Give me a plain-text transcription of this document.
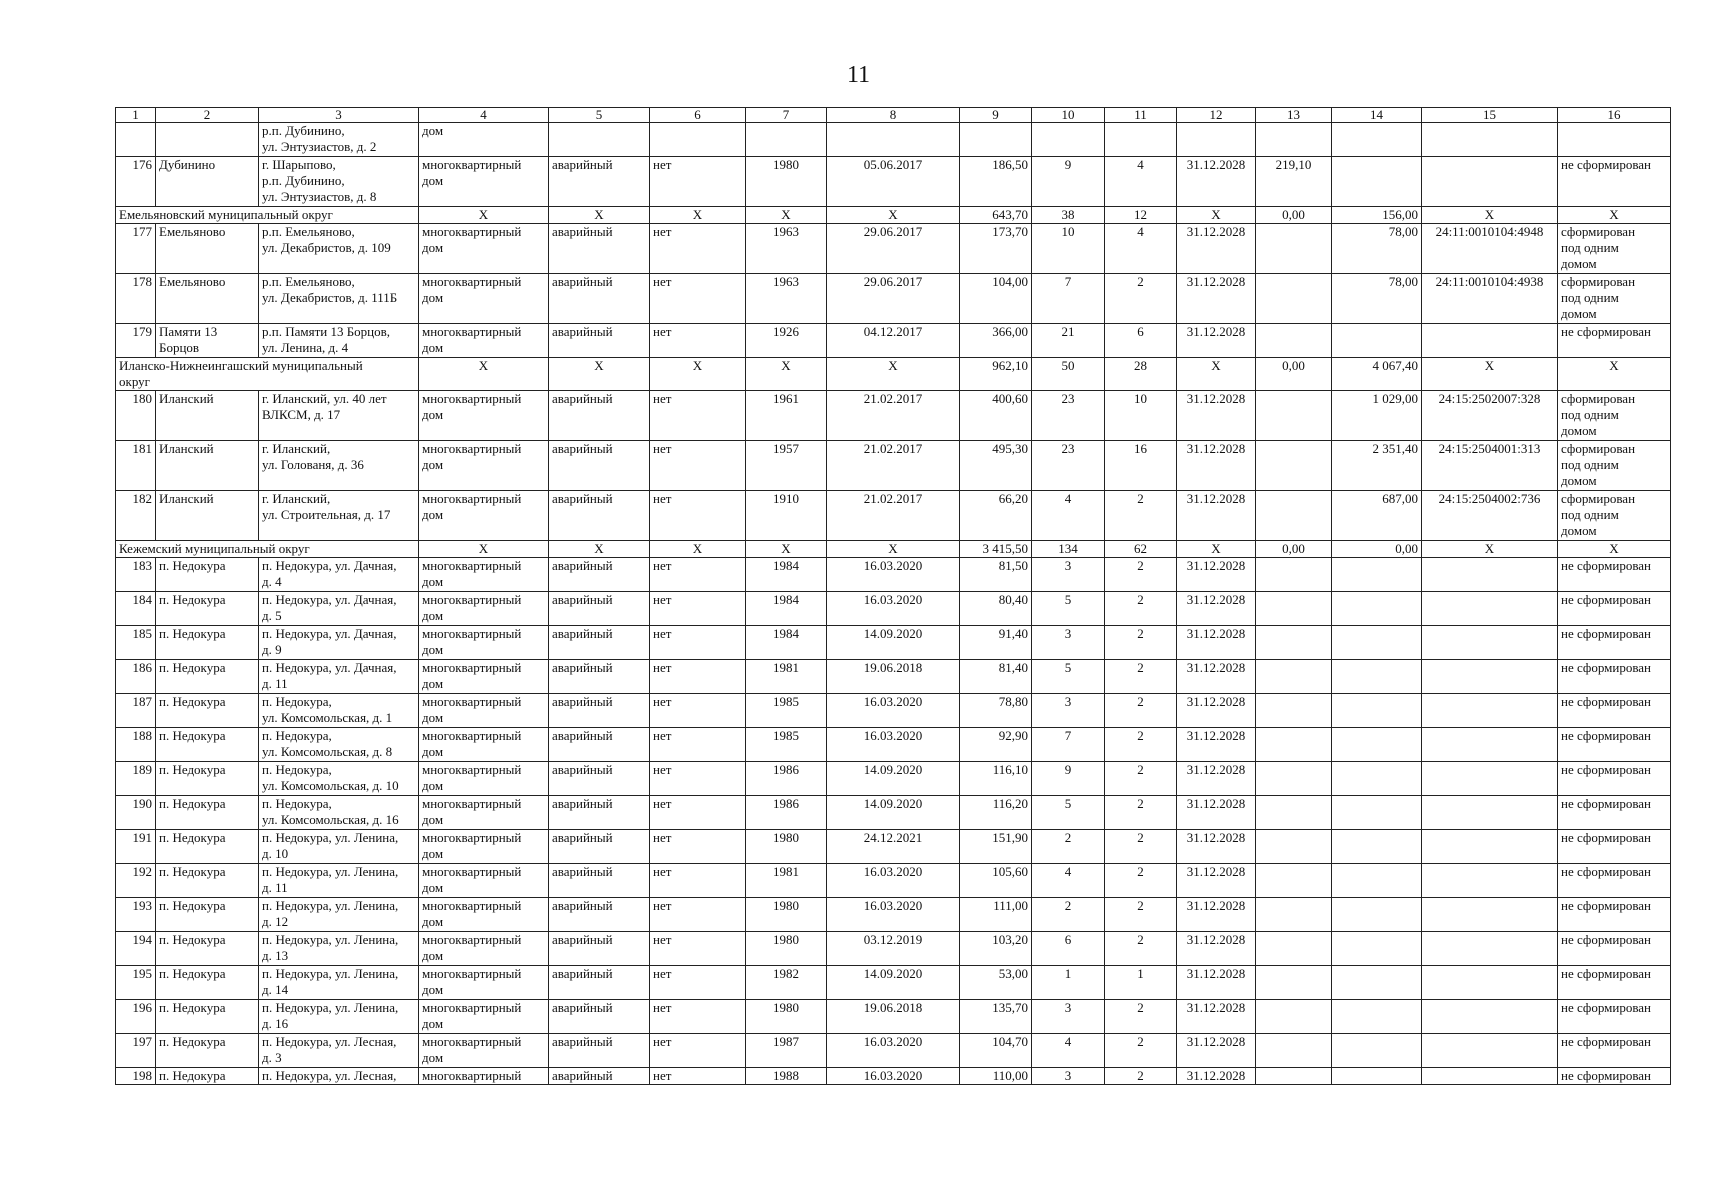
11
1	2	3	4	5	6	7	8	9	10	11	12	13	14	15	16
		р.п. Дубинино,
ул. Энтузиастов, д. 2	дом												
176	Дубинино	г. Шарыпово,
р.п. Дубинино,
ул. Энтузиастов, д. 8	многоквартирный
дом	аварийный	нет	1980	05.06.2017	186,50	9	4	31.12.2028	219,10			не сформирован
Емельяновский муниципальный округ			X	X	X	X	X	643,70	38	12	X	0,00	156,00	X	X
177	Емельяново	р.п. Емельяново,
ул. Декабристов, д. 109	многоквартирный
дом	аварийный	нет	1963	29.06.2017	173,70	10	4	31.12.2028		78,00	24:11:0010104:4948	сформирован
под одним
домом
178	Емельяново	р.п. Емельяново,
ул. Декабристов, д. 111Б	многоквартирный
дом	аварийный	нет	1963	29.06.2017	104,00	7	2	31.12.2028		78,00	24:11:0010104:4938	сформирован
под одним
домом
179	Памяти 13
Борцов	р.п. Памяти 13 Борцов,
ул. Ленина, д. 4	многоквартирный
дом	аварийный	нет	1926	04.12.2017	366,00	21	6	31.12.2028				не сформирован
Иланско-Нижнеингашский муниципальный
округ			X	X	X	X	X	962,10	50	28	X	0,00	4 067,40	X	X
180	Иланский	г. Иланский, ул. 40 лет
ВЛКСМ, д. 17	многоквартирный
дом	аварийный	нет	1961	21.02.2017	400,60	23	10	31.12.2028		1 029,00	24:15:2502007:328	сформирован
под одним
домом
181	Иланский	г. Иланский,
ул. Голованя, д. 36	многоквартирный
дом	аварийный	нет	1957	21.02.2017	495,30	23	16	31.12.2028		2 351,40	24:15:2504001:313	сформирован
под одним
домом
182	Иланский	г. Иланский,
ул. Строительная, д. 17	многоквартирный
дом	аварийный	нет	1910	21.02.2017	66,20	4	2	31.12.2028		687,00	24:15:2504002:736	сформирован
под одним
домом
Кежемский муниципальный округ			X	X	X	X	X	3 415,50	134	62	X	0,00	0,00	X	X
183	п. Недокура	п. Недокура, ул. Дачная,
д. 4	многоквартирный
дом	аварийный	нет	1984	16.03.2020	81,50	3	2	31.12.2028				не сформирован
184	п. Недокура	п. Недокура, ул. Дачная,
д. 5	многоквартирный
дом	аварийный	нет	1984	16.03.2020	80,40	5	2	31.12.2028				не сформирован
185	п. Недокура	п. Недокура, ул. Дачная,
д. 9	многоквартирный
дом	аварийный	нет	1984	14.09.2020	91,40	3	2	31.12.2028				не сформирован
186	п. Недокура	п. Недокура, ул. Дачная,
д. 11	многоквартирный
дом	аварийный	нет	1981	19.06.2018	81,40	5	2	31.12.2028				не сформирован
187	п. Недокура	п. Недокура,
ул. Комсомольская, д. 1	многоквартирный
дом	аварийный	нет	1985	16.03.2020	78,80	3	2	31.12.2028				не сформирован
188	п. Недокура	п. Недокура,
ул. Комсомольская, д. 8	многоквартирный
дом	аварийный	нет	1985	16.03.2020	92,90	7	2	31.12.2028				не сформирован
189	п. Недокура	п. Недокура,
ул. Комсомольская, д. 10	многоквартирный
дом	аварийный	нет	1986	14.09.2020	116,10	9	2	31.12.2028				не сформирован
190	п. Недокура	п. Недокура,
ул. Комсомольская, д. 16	многоквартирный
дом	аварийный	нет	1986	14.09.2020	116,20	5	2	31.12.2028				не сформирован
191	п. Недокура	п. Недокура, ул. Ленина,
д. 10	многоквартирный
дом	аварийный	нет	1980	24.12.2021	151,90	2	2	31.12.2028				не сформирован
192	п. Недокура	п. Недокура, ул. Ленина,
д. 11	многоквартирный
дом	аварийный	нет	1981	16.03.2020	105,60	4	2	31.12.2028				не сформирован
193	п. Недокура	п. Недокура, ул. Ленина,
д. 12	многоквартирный
дом	аварийный	нет	1980	16.03.2020	111,00	2	2	31.12.2028				не сформирован
194	п. Недокура	п. Недокура, ул. Ленина,
д. 13	многоквартирный
дом	аварийный	нет	1980	03.12.2019	103,20	6	2	31.12.2028				не сформирован
195	п. Недокура	п. Недокура, ул. Ленина,
д. 14	многоквартирный
дом	аварийный	нет	1982	14.09.2020	53,00	1	1	31.12.2028				не сформирован
196	п. Недокура	п. Недокура, ул. Ленина,
д. 16	многоквартирный
дом	аварийный	нет	1980	19.06.2018	135,70	3	2	31.12.2028				не сформирован
197	п. Недокура	п. Недокура, ул. Лесная,
д. 3	многоквартирный
дом	аварийный	нет	1987	16.03.2020	104,70	4	2	31.12.2028				не сформирован
198	п. Недокура	п. Недокура, ул. Лесная,	многоквартирный	аварийный	нет	1988	16.03.2020	110,00	3	2	31.12.2028				не сформирован
